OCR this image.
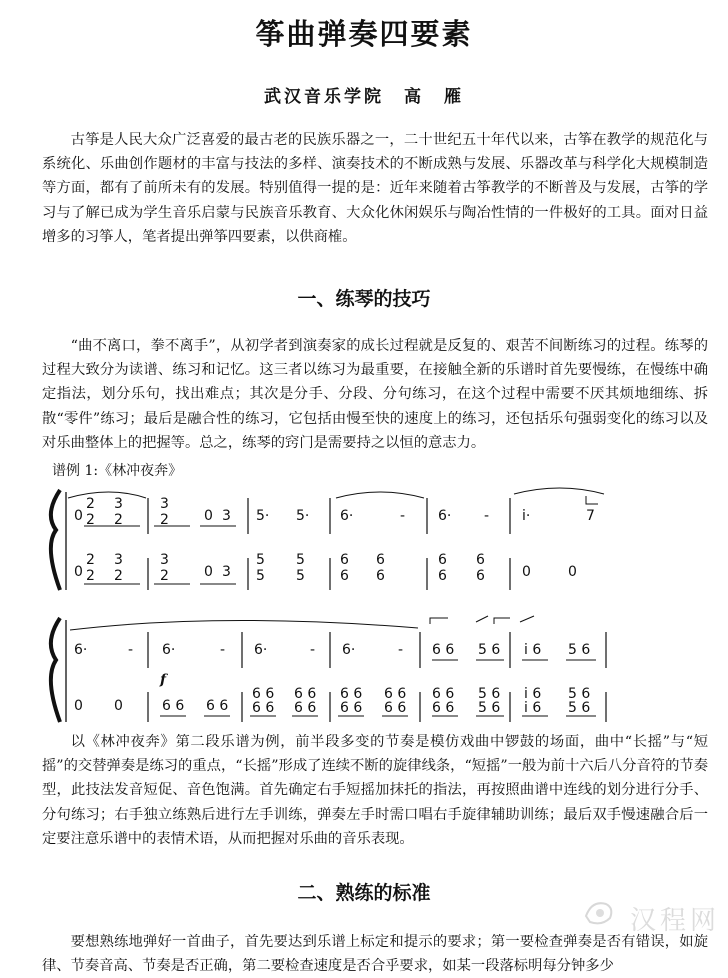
筝曲弹奏四要素
武汉音乐学院　高　雁

古筝是人民大众广泛喜爱的最古老的民族乐器之一，二十世纪五十年代以来，古筝在教学的规范化与系统化、乐曲创作题材的丰富与技法的多样、演奏技术的不断成熟与发展、乐器改革与科学化大规模制造等方面，都有了前所未有的发展。特别值得一提的是：近年来随着古筝教学的不断普及与发展，古筝的学习与了解已成为学生音乐启蒙与民族音乐教育、大众化休闲娱乐与陶冶性情的一件极好的工具。面对日益增多的习筝人，笔者提出弹筝四要素，以供商榷。

一、练琴的技巧

“曲不离口，拳不离手”，从初学者到演奏家的成长过程就是反复的、艰苦不间断练习的过程。练琴的过程大致分为读谱、练习和记忆。这三者以练习为最重要，在接触全新的乐谱时首先要慢练，在慢练中确定指法，划分乐句，找出难点；其次是分手、分段、分句练习，在这个过程中需要不厌其烦地细练、拆散“零件”练习；最后是融合性的练习，它包括由慢至快的速度上的练习，还包括乐句强弱变化的练习以及对乐曲整体上的把握等。总之，练琴的窍门是需要持之以恒的意志力。

谱例 1:《林冲夜奔》
0
2
2
3
2
3
2	0 3 5· 5· 6·	- 6· - i·	7
0
2
2
3
2
3
2	0 3
5
5
5
5
6
6
6
6
6
6
6
6	0	0
6·	- 6·	- 6·	- 6·	- 6 6 5 6 i 6 5 6
f
0 0	6 6 6 6
6 6
6 6
6 6
6 6
6 6
6 6
6 6
6 6
6 6
6 6
5 6
5 6
i 6
i 6
5 6
5 6

以《林冲夜奔》第二段乐谱为例，前半段多变的节奏是模仿戏曲中锣鼓的场面，曲中“长摇”与“短摇”的交替弹奏是练习的重点，“长摇”形成了连续不断的旋律线条，“短摇”一般为前十六后八分音符的节奏型，此技法发音短促、音色饱满。首先确定右手短摇加抹托的指法，再按照曲谱中连线的划分进行分手、分句练习；右手独立练熟后进行左手训练，弹奏左手时需口唱右手旋律辅助训练；最后双手慢速融合后一定要注意乐谱中的表情术语，从而把握对乐曲的音乐表现。

二、熟练的标准

要想熟练地弹好一首曲子，首先要达到乐谱上标定和提示的要求；第一要检查弹奏是否有错误，如旋律、节奏音高、节奏是否正确，第二要检查速度是否合乎要求，如某一段落标明每分钟多少

汉程网
